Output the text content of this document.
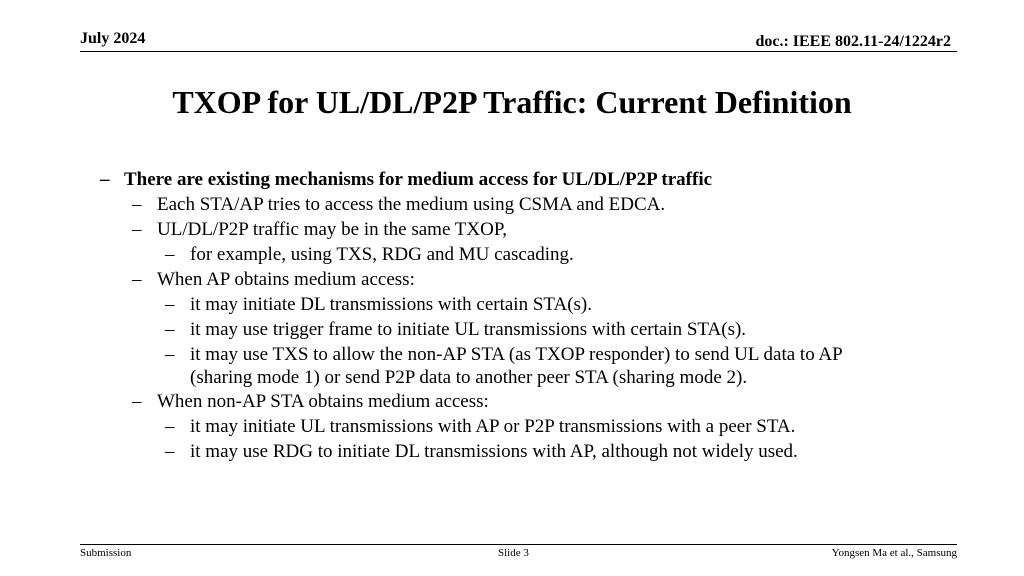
July 2024	doc.: IEEE 802.11-24/1224r2
TXOP for UL/DL/P2P Traffic: Current Definition
– There are existing mechanisms for medium access for UL/DL/P2P traffic
– Each STA/AP tries to access the medium using CSMA and EDCA.
– UL/DL/P2P traffic may be in the same TXOP,
– for example, using TXS, RDG and MU cascading.
– When AP obtains medium access:
– it may initiate DL transmissions with certain STA(s).
– it may use trigger frame to initiate UL transmissions with certain STA(s).
– it may use TXS to allow the non-AP STA (as TXOP responder) to send UL data to AP
(sharing mode 1) or send P2P data to another peer STA (sharing mode 2).
– When non-AP STA obtains medium access:
– it may initiate UL transmissions with AP or P2P transmissions with a peer STA.
– it may use RDG to initiate DL transmissions with AP, although not widely used.
Submission	Slide 3	Yongsen Ma et al., Samsung
